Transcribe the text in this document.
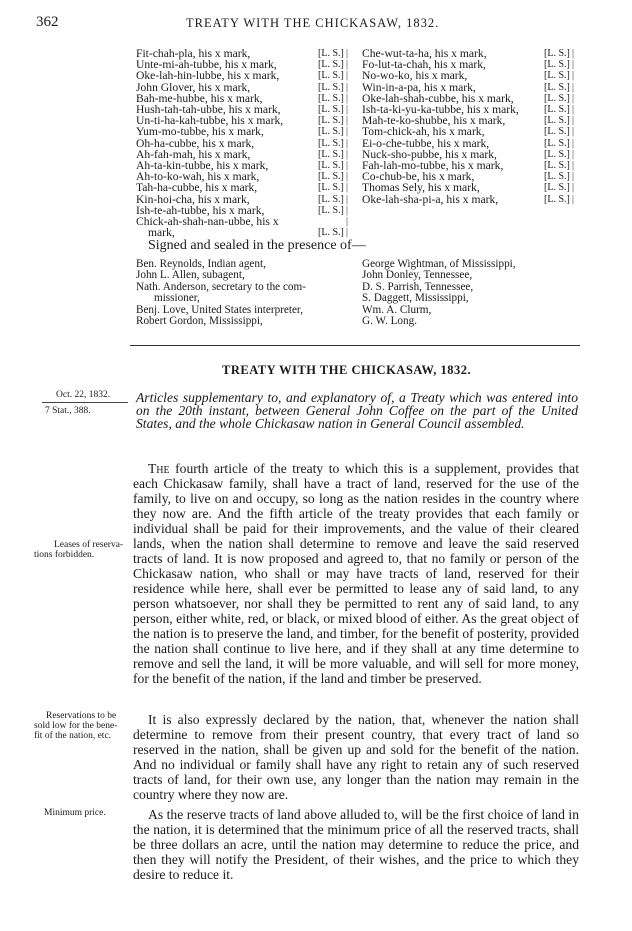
362	TREATY WITH THE CHICKASAW, 1832.
Fit-chah-pla, his x mark,	[L. S.]
Unte-mi-ah-tubbe, his x mark,	[L. S.]
Oke-lah-hin-lubbe, his x mark,	[L. S.]
John Glover, his x mark,	[L. S.]
Bah-me-hubbe, his x mark,	[L. S.]
Hush-tah-tah-ubbe, his x mark,	[L. S.]
Un-ti-ha-kah-tubbe, his x mark,	[L. S.]
Yum-mo-tubbe, his x mark,	[L. S.]
Oh-ha-cubbe, his x mark,	[L. S.]
Ah-fah-mah, his x mark,	[L. S.]
Ah-ta-kin-tubbe, his x mark,	[L. S.]
Ah-to-ko-wah, his x mark,	[L. S.]
Tah-ha-cubbe, his x mark,	[L. S.]
Kin-hoi-cha, his x mark,	[L. S.]
Ish-te-ah-tubbe, his x mark,	[L. S.]
Chick-ah-shah-nan-ubbe, his x
mark,	[L. S.]
Che-wut-ta-ha, his x mark,	[L. S.]
Fo-lut-ta-chah, his x mark,	[L. S.]
No-wo-ko, his x mark,	[L. S.]
Win-in-a-pa, his x mark,	[L. S.]
Oke-lah-shah-cubbe, his x mark,	[L. S.]
Ish-ta-ki-yu-ka-tubbe, his x mark,	[L. S.]
Mah-te-ko-shubbe, his x mark,	[L. S.]
Tom-chick-ah, his x mark,	[L. S.]
Ei-o-che-tubbe, his x mark,	[L. S.]
Nuck-sho-pubbe, his x mark,	[L. S.]
Fah-lah-mo-tubbe, his x mark,	[L. S.]
Co-chub-be, his x mark,	[L. S.]
Thomas Sely, his x mark,	[L. S.]
Oke-lah-sha-pi-a, his x mark,	[L. S.]
|
|
|
|
|
|
|
|
|
|
|
|
|
|
|
|
|
|
|
|
|
|
|
|
|
|
|
|
|
|
|
Signed and sealed in the presence of—
Ben. Reynolds, Indian agent,
John L. Allen, subagent,
Nath. Anderson, secretary to the com-
missioner,
Benj. Love, United States interpreter,
Robert Gordon, Mississippi,
George Wightman, of Mississippi,
John Donley, Tennessee,
D. S. Parrish, Tennessee,
S. Daggett, Mississippi,
Wm. A. Clurm,
G. W. Long.
TREATY WITH THE CHICKASAW, 1832.
Oct. 22, 1832.
7 Stat., 388.
Articles supplementary to, and explanatory of, a Treaty which was entered into on the 20th instant, between General John Coffee on the part of the United States, and the whole Chickasaw nation in General Council assembled.
The fourth article of the treaty to which this is a supplement, provides that each Chickasaw family, shall have a tract of land, reserved for the use of the family, to live on and occupy, so long as the nation resides in the country where they now are. And the fifth article of the treaty provides that each family or individual shall be paid for their improvements, and the value of their cleared lands, when the nation shall determine to remove and leave the said reserved tracts of land. It is now proposed and agreed to, that no family or person of the Chickasaw nation, who shall or may have tracts of land, reserved for their residence while here, shall ever be permitted to lease any of said land, to any person whatsoever, nor shall they be permitted to rent any of said land, to any person, either white, red, or black, or mixed blood of either. As the great object of the nation is to preserve the land, and timber, for the benefit of posterity, provided the nation shall continue to live here, and if they shall at any time determine to remove and sell the land, it will be more valuable, and will sell for more money, for the benefit of the nation, if the land and timber be preserved.
It is also expressly declared by the nation, that, whenever the nation shall determine to remove from their present country, that every tract of land so reserved in the nation, shall be given up and sold for the benefit of the nation. And no individual or family shall have any right to retain any of such reserved tracts of land, for their own use, any longer than the nation may remain in the country where they now are.
As the reserve tracts of land above alluded to, will be the first choice of land in the nation, it is determined that the minimum price of all the reserved tracts, shall be three dollars an acre, until the nation may determine to reduce the price, and then they will notify the President, of their wishes, and the price to which they desire to reduce it.
Leases of reserva-
tions forbidden.
Reservations to be
sold low for the bene-
fit of the nation, etc.
Minimum price.
